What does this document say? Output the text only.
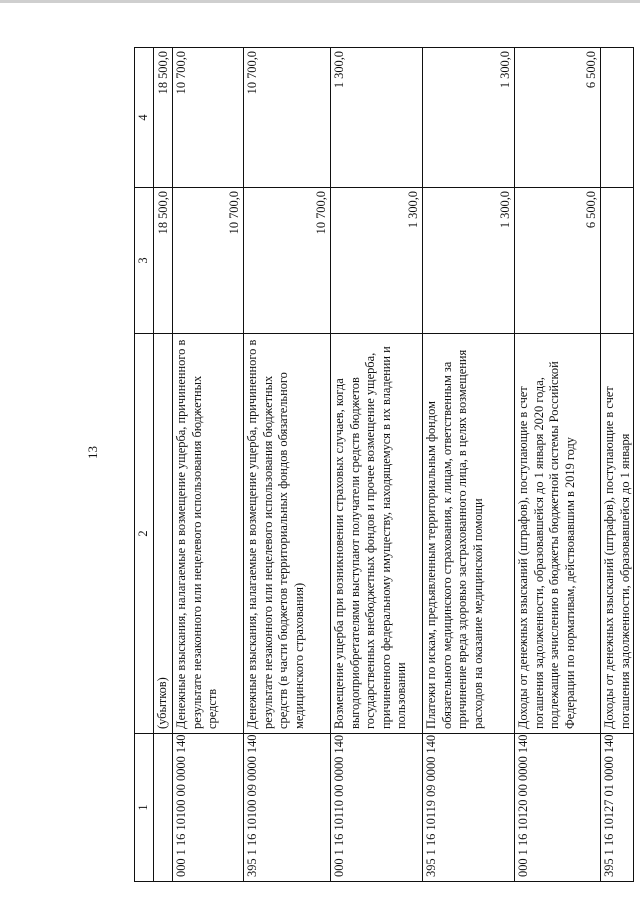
13
1	2	3	4
	(убытков)	18 500,0	18 500,0
000 1 16 10100 00 0000 140	Денежные взыскания, налагаемые в возмещение ущерба, причиненного в результате незаконного или нецелевого использования бюджетных средств	10 700,0	10 700,0
395 1 16 10100 09 0000 140	Денежные взыскания, налагаемые в возмещение ущерба, причиненного в результате незаконного или нецелевого использования бюджетных средств (в части бюджетов территориальных фондов обязательного медицинского страхования)	10 700,0	10 700,0
000 1 16 10110 00 0000 140	Возмещение ущерба при возникновении страховых случаев, когда выгодоприобретателями выступают получатели средств бюджетов государственных внебюджетных фондов и прочее возмещение ущерба, причиненного федеральному имуществу, находящемуся в их владении и пользовании	1 300,0	1 300,0
395 1 16 10119 09 0000 140	Платежи по искам, предъявленным территориальным фондом обязательного медицинского страхования, к лицам, ответственным за причинение вреда здоровью застрахованного лица, в целях возмещения расходов на оказание медицинской помощи	1 300,0	1 300,0
000 1 16 10120 00 0000 140	Доходы от денежных взысканий (штрафов), поступающие в счет погашения задолженности, образовавшейся до 1 января 2020 года, подлежащие зачислению в бюджеты бюджетной системы Российской Федерации по нормативам, действовавшим в 2019 году	6 500,0	6 500,0
395 1 16 10127 01 0000 140	Доходы от денежных взысканий (штрафов), поступающие в счет погашения задолженности, образовавшейся до 1 января		
